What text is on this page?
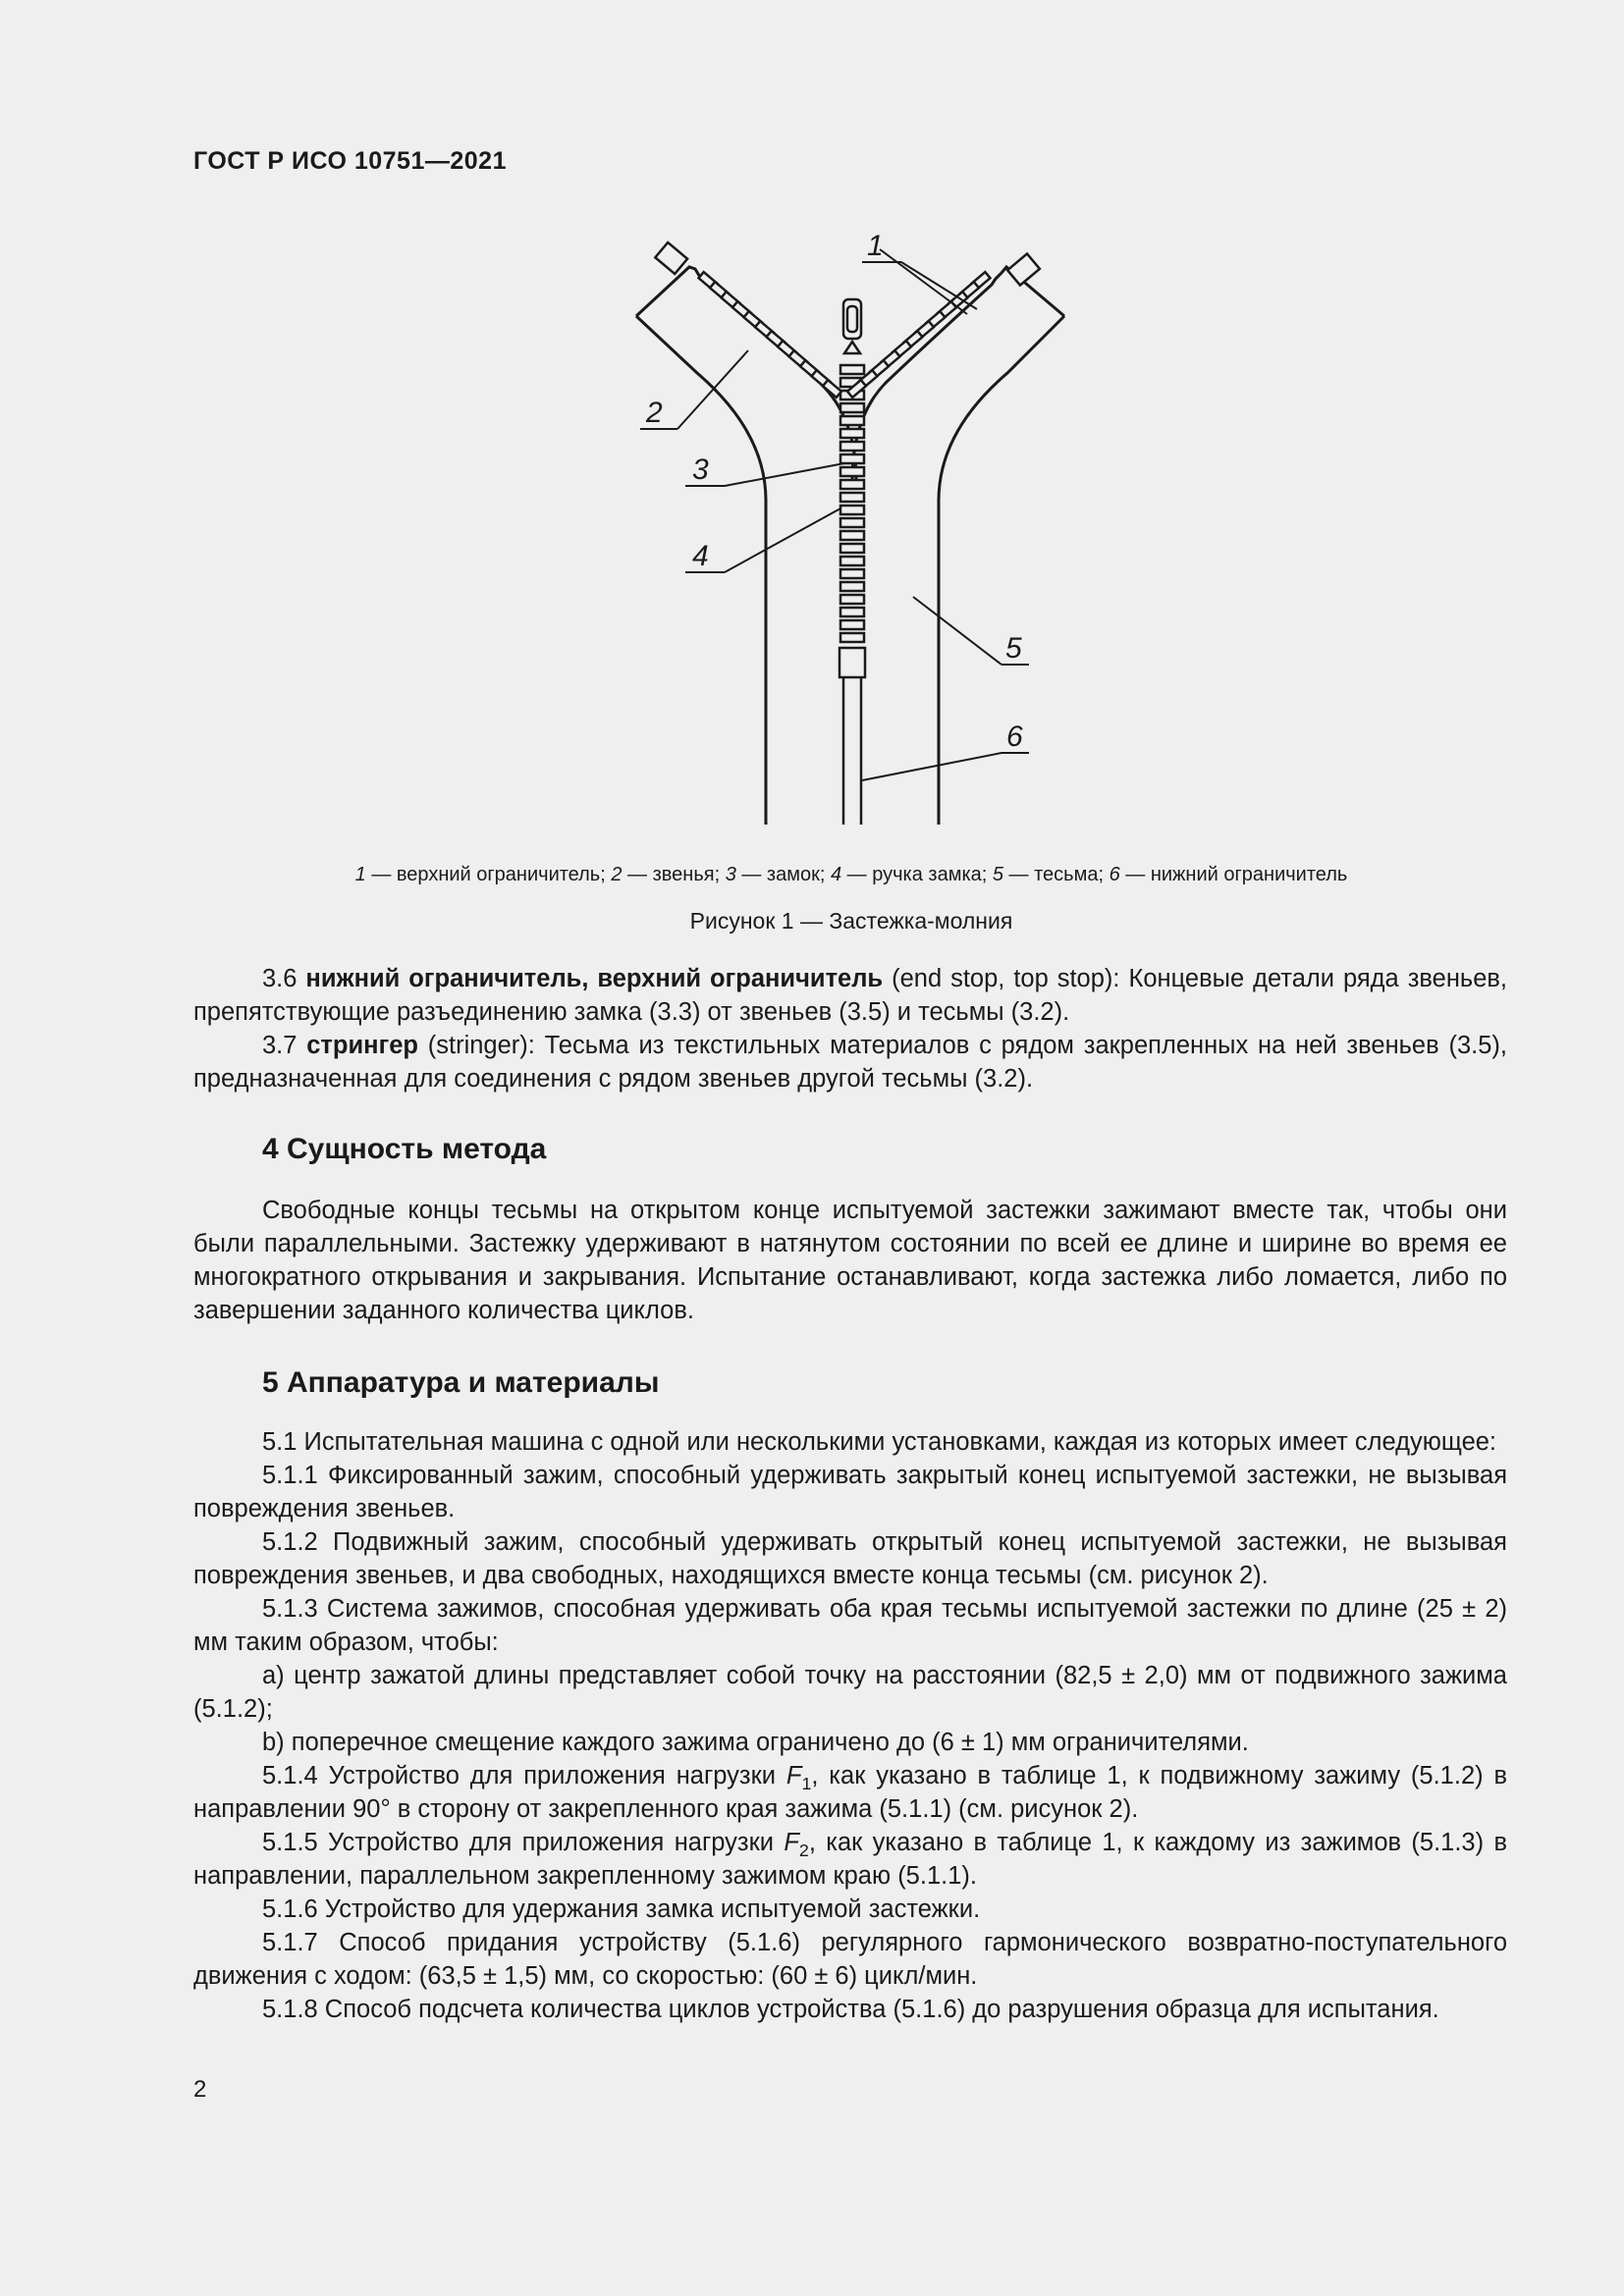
ГОСТ Р ИСО 10751—2021
1
2
3
4
5
6
1 — верхний ограничитель; 2 — звенья; 3 — замок; 4 — ручка замка; 5 — тесьма; 6 — нижний ограничитель
Рисунок 1 — Застежка-молния

3.6 нижний ограничитель, верхний ограничитель (end stop, top stop): Концевые детали ряда звеньев, препятствующие разъединению замка (3.3) от звеньев (3.5) и тесьмы (3.2).

3.7 стрингер (stringer): Тесьма из текстильных материалов с рядом закрепленных на ней звеньев (3.5), предназначенная для соединения с рядом звеньев другой тесьмы (3.2).

4 Сущность метода

Свободные концы тесьмы на открытом конце испытуемой застежки зажимают вместе так, чтобы они были параллельными. Застежку удерживают в натянутом состоянии по всей ее длине и ширине во время ее многократного открывания и закрывания. Испытание останавливают, когда застежка либо ломается, либо по завершении заданного количества циклов.

5 Аппаратура и материалы

5.1 Испытательная машина с одной или несколькими установками, каждая из которых имеет следующее:

5.1.1 Фиксированный зажим, способный удерживать закрытый конец испытуемой застежки, не вызывая повреждения звеньев.

5.1.2 Подвижный зажим, способный удерживать открытый конец испытуемой застежки, не вызывая повреждения звеньев, и два свободных, находящихся вместе конца тесьмы (см. рисунок 2).

5.1.3 Система зажимов, способная удерживать оба края тесьмы испытуемой застежки по длине (25 ± 2) мм таким образом, чтобы:

a) центр зажатой длины представляет собой точку на расстоянии (82,5 ± 2,0) мм от подвижного зажима (5.1.2);

b) поперечное смещение каждого зажима ограничено до (6 ± 1) мм ограничителями.

5.1.4 Устройство для приложения нагрузки $F_1$, как указано в таблице 1, к подвижному зажиму (5.1.2) в направлении 90° в сторону от закрепленного края зажима (5.1.1) (см. рисунок 2).

5.1.5 Устройство для приложения нагрузки $F_2$, как указано в таблице 1, к каждому из зажимов (5.1.3) в направлении, параллельном закрепленному зажимом краю (5.1.1).

5.1.6 Устройство для удержания замка испытуемой застежки.

5.1.7 Способ придания устройству (5.1.6) регулярного гармонического возвратно-поступательного движения с ходом: (63,5 ± 1,5) мм, со скоростью: (60 ± 6) цикл/мин.

5.1.8 Способ подсчета количества циклов устройства (5.1.6) до разрушения образца для испытания.

2
